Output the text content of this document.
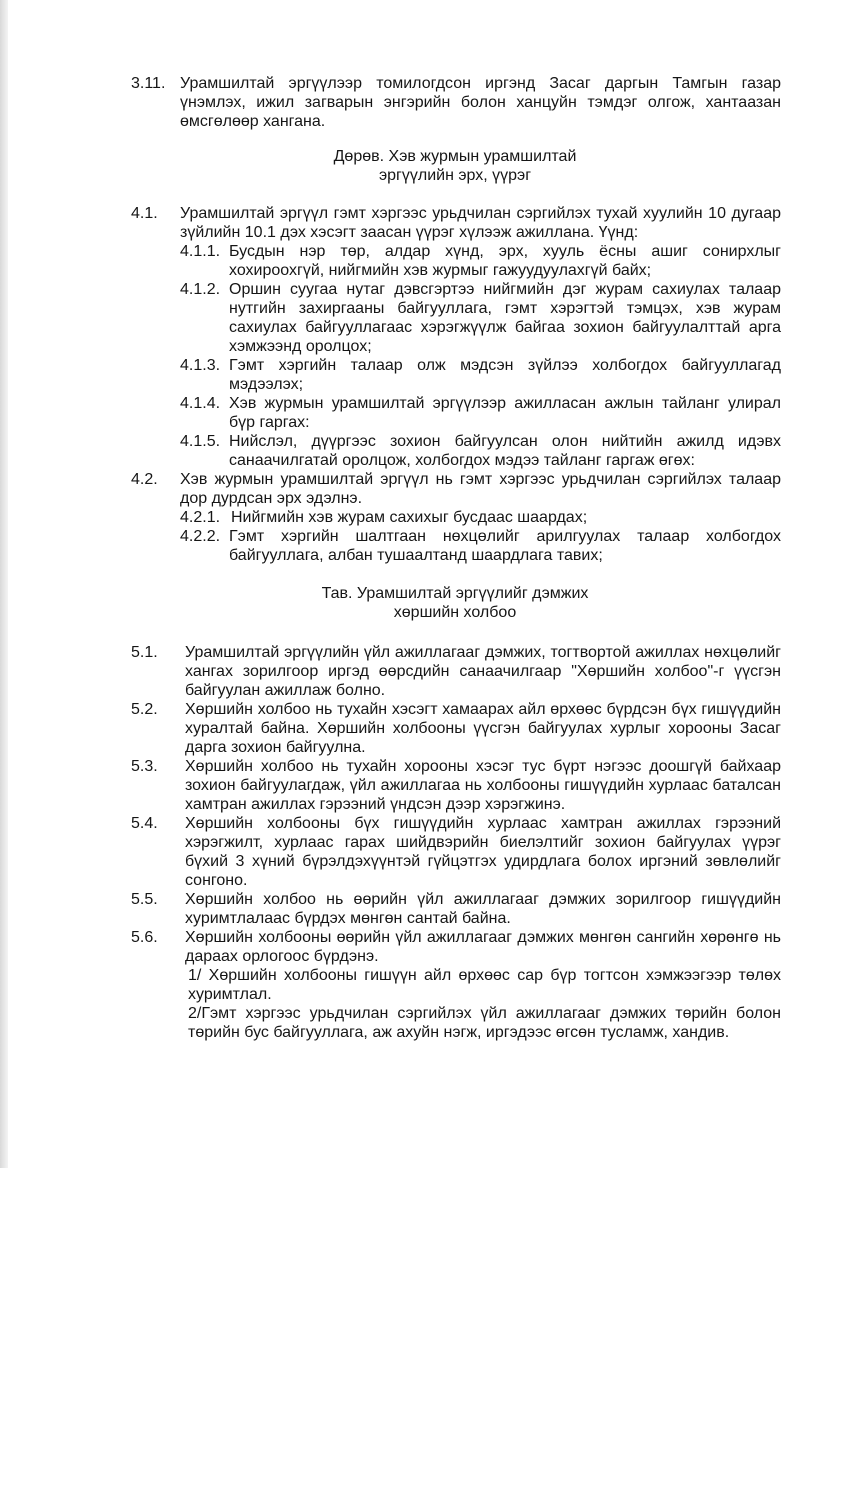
3.11. Урамшилтай эргүүлээр томилогдсон иргэнд Засаг даргын Тамгын газар үнэмлэх, ижил загварын энгэрийн болон ханцуйн тэмдэг олгож, хантаазан өмсгөлөөр хангана.
Дөрөв. Хэв журмын урамшилтай
эргүүлийн эрх, үүрэг
4.1. Урамшилтай эргүүл гэмт хэргээс урьдчилан сэргийлэх тухай хуулийн 10 дугаар зүйлийн 10.1 дэх хэсэгт заасан үүрэг хүлээж ажиллана. Үүнд:
4.1.1. Бусдын нэр төр, алдар хүнд, эрх, хууль ёсны ашиг сонирхлыг хохироохгүй, нийгмийн хэв журмыг гажуудуулахгүй байх;
4.1.2. Оршин суугаа нутаг дэвсгэртээ нийгмийн дэг журам сахиулах талаар нутгийн захиргааны байгууллага, гэмт хэрэгтэй тэмцэх, хэв журам сахиулах байгууллагаас хэрэгжүүлж байгаа зохион байгуулалттай арга хэмжээнд оролцох;
4.1.3. Гэмт хэргийн талаар олж мэдсэн зүйлээ холбогдох байгууллагад мэдээлэх;
4.1.4. Хэв журмын урамшилтай эргүүлээр ажилласан ажлын тайланг улирал бүр гаргах:
4.1.5. Нийслэл, дүүргээс зохион байгуулсан олон нийтийн ажилд идэвх санаачилгатай оролцож, холбогдох мэдээ тайланг гаргаж өгөх:
4.2. Хэв журмын урамшилтай эргүүл нь гэмт хэргээс урьдчилан сэргийлэх талаар дор дурдсан эрх эдэлнэ.
4.2.1. Нийгмийн хэв журам сахихыг бусдаас шаардах;
4.2.2. Гэмт хэргийн шалтгаан нөхцөлийг арилгуулах талаар холбогдох байгууллага, албан тушаалтанд шаардлага тавих;
Тав. Урамшилтай эргүүлийг дэмжих
хөршийн холбоо
5.1. Урамшилтай эргүүлийн үйл ажиллагааг дэмжих, тогтвортой ажиллах нөхцөлийг хангах зорилгоор иргэд өөрсдийн санаачилгаар "Хөршийн холбоо"-г үүсгэн байгуулан ажиллаж болно.
5.2. Хөршийн холбоо нь тухайн хэсэгт хамаарах айл өрхөөс бүрдсэн бүх гишүүдийн хуралтай байна. Хөршийн холбооны үүсгэн байгуулах хурлыг хорооны Засаг дарга зохион байгуулна.
5.3. Хөршийн холбоо нь тухайн хорооны хэсэг тус бүрт нэгээс доошгүй байхаар зохион байгуулагдаж, үйл ажиллагаа нь холбооны гишүүдийн хурлаас баталсан хамтран ажиллах гэрээний үндсэн дээр хэрэгжинэ.
5.4. Хөршийн холбооны бүх гишүүдийн хурлаас хамтран ажиллах гэрээний хэрэгжилт, хурлаас гарах шийдвэрийн биелэлтийг зохион байгуулах үүрэг бүхий 3 хүний бүрэлдэхүүнтэй гүйцэтгэх удирдлага болох иргэний зөвлөлийг сонгоно.
5.5. Хөршийн холбоо нь өөрийн үйл ажиллагааг дэмжих зорилгоор гишүүдийн хуримтлалаас бүрдэх мөнгөн сантай байна.
5.6. Хөршийн холбооны өөрийн үйл ажиллагааг дэмжих мөнгөн сангийн хөрөнгө нь дараах орлогоос бүрдэнэ.
1/ Хөршийн холбооны гишүүн айл өрхөөс сар бүр тогтсон хэмжээгээр төлөх хуримтлал.
2/Гэмт хэргээс урьдчилан сэргийлэх үйл ажиллагааг дэмжих төрийн болон төрийн бус байгууллага, аж ахуйн нэгж, иргэдээс өгсөн тусламж, хандив.
